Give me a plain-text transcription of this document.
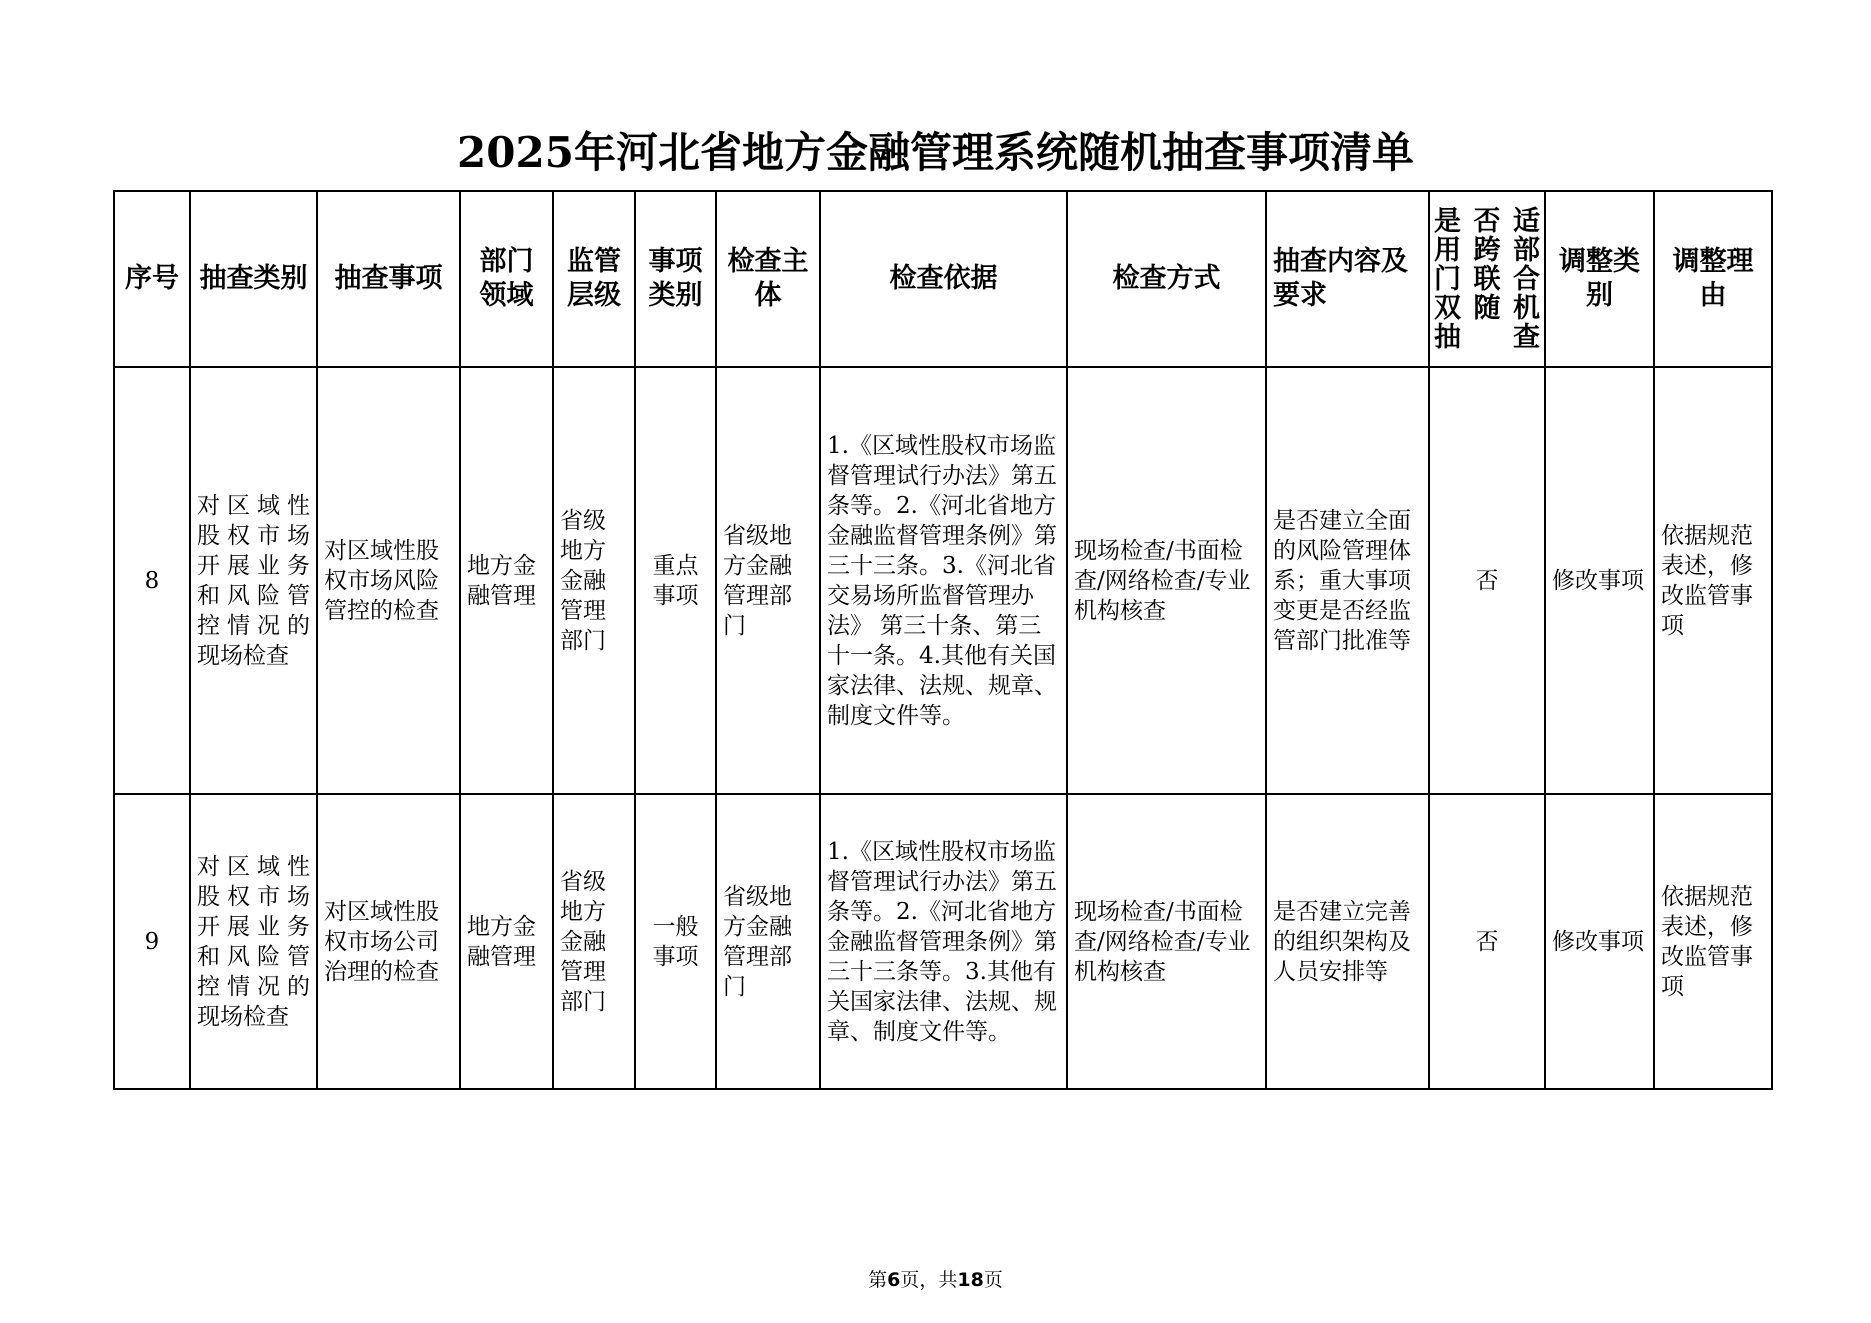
2025年河北省地方金融管理系统随机抽查事项清单
序号	抽查类别	抽查事项	部门领域	监管层级	事项类别	检查主体	检查依据	检查方式	抽查内容及要求	是否适用跨部门联合双随机抽查	调整类别	调整理由
8	对区域性股权市场开展业务和风险管控情况的现场检查	对区域性股权市场风险管控的检查	地方金融管理	省级地方金融管理部门	重点事项	省级地方金融管理部门	1.《区域性股权市场监督管理试行办法》第五条等。2.《河北省地方金融监督管理条例》第三十三条。3.《河北省交易场所监督管理办法》 第三十条、第三十一条。4.其他有关国家法律、法规、规章、制度文件等。	现场检查/书面检查/网络检查/专业机构核查	是否建立全面的风险管理体系；重大事项变更是否经监管部门批准等	否	修改事项	依据规范表述，修改监管事项
9	对区域性股权市场开展业务和风险管控情况的现场检查	对区域性股权市场公司治理的检查	地方金融管理	省级地方金融管理部门	一般事项	省级地方金融管理部门	1.《区域性股权市场监督管理试行办法》第五条等。2.《河北省地方金融监督管理条例》第三十三条等。3.其他有关国家法律、法规、规章、制度文件等。	现场检查/书面检查/网络检查/专业机构核查	是否建立完善的组织架构及人员安排等	否	修改事项	依据规范表述，修改监管事项
第6页，共18页
